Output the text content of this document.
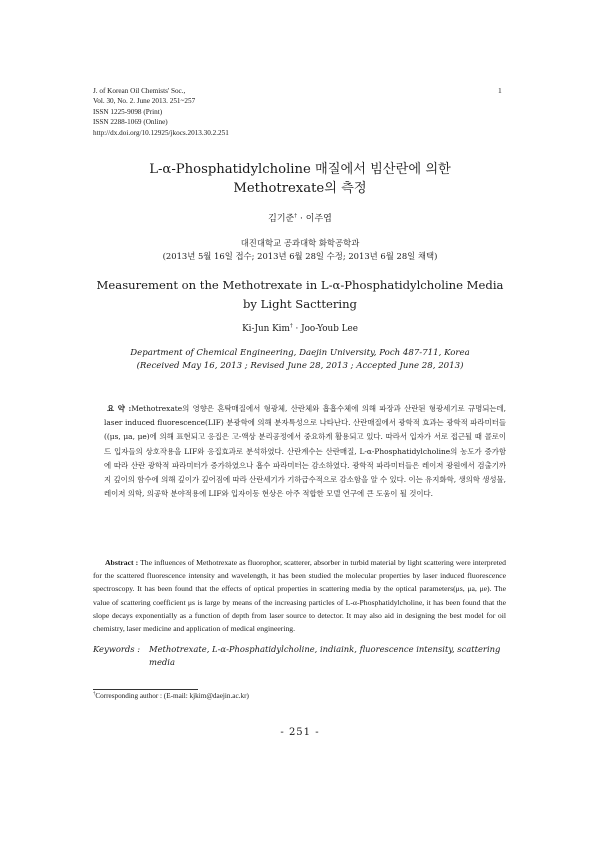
J. of Korean Oil Chemists' Soc.,
Vol. 30, No. 2. June 2013. 251~257
ISSN 1225-9098 (Print)
ISSN 2288-1069 (Online)
http://dx.doi.org/10.12925/jkocs.2013.30.2.251
1
L-α-Phosphatidylcholine 매질에서 빔산란에 의한
Methotrexate의 측정
김기준† · 이주엽
대진대학교 공과대학 화학공학과
(2013년 5월 16일 접수; 2013년 6월 28일 수정; 2013년 6월 28일 채택)
Measurement on the Methotrexate in L-α-Phosphatidylcholine Media
by Light Sacttering
Ki-Jun Kim† · Joo-Youb Lee
Department of Chemical Engineering, Daejin University, Poch 487-711, Korea
(Received May 16, 2013 ; Revised June 28, 2013 ; Accepted June 28, 2013)
요 약 :Methotrexate의 영향은 혼탁매질에서 형광체, 산란체와 흡흡수체에 의해 파장과 산란된 형광세기로 규명되는데, laser induced fluorescence(LIF) 분광학에 의해 분자특성으로 나타난다. 산란매질에서 광학적 효과는 광학적 파라미터들((μs, μa, μe)에 의해 표현되고 응집은 고-액상 분리공정에서 중요하게 활용되고 있다. 따라서 입자가 서로 접근될 때 콜로이드 입자들의 상호작용을 LIF와 응집효과로 분석하였다. 산란계수는 산란매질, L-α-Phosphatidylcholine의 농도가 증가함에 따라 산란 광학적 파라미터가 증가하였으나 흡수 파라미터는 감소하였다. 광학적 파라미터들은 레이저 광원에서 검출기까지 깊이의 함수에 의해 깊이가 깊어짐에 따라 산란세기가 기하급수적으로 감소함을 알 수 있다. 이는 유지화학, 생의학 생성물, 레이저 의학, 의공학 분야적용에 LIF와 입자이동 현상은 아주 적합한 모델 연구에 큰 도움이 될 것이다.
Abstract : The influences of Methotrexate as fluorophor, scatterer, absorber in turbid material by light scattering were interpreted for the scattered fluorescence intensity and wavelength, it has been studied the molecular properties by laser induced fluorescence spectroscopy. It has been found that the effects of optical properties in scattering media by the optical parameters(μs, μa, μe). The value of scattering coefficient μs is large by means of the increasing particles of L-α-Phosphatidylcholine, it has been found that the slope decays exponentially as a function of depth from laser source to detector. It may also aid in designing the best model for oil chemistry, laser medicine and application of medical engineering.
Keywords : Methotrexate, L-α-Phosphatidylcholine, indiaink, fluorescence intensity, scattering media
†Corresponding author : (E-mail: kjkim@daejin.ac.kr)
- 251 -
